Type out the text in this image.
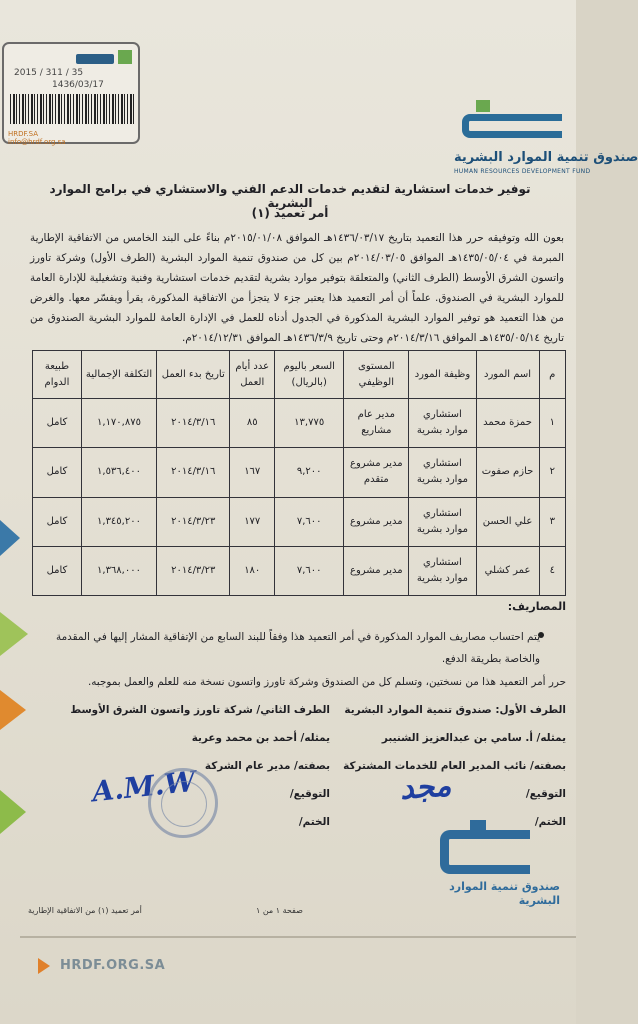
2015 / 311 / 35
1436/03/17
HRDF.SA info@hrdf.org.sa
صندوق تنمية الموارد البشرية
HUMAN RESOURCES DEVELOPMENT FUND
توفير خدمات استشارية لتقديم خدمات الدعم الفني والاستشاري في برامج الموارد البشرية
أمر تعميد (١)
بعون الله وتوفيقه حرر هذا التعميد بتاريخ ١٤٣٦/٠٣/١٧هـ الموافق ٢٠١٥/٠١/٠٨م بناءً على البند الخامس من الاتفاقية الإطارية المبرمة في ١٤٣٥/٠٥/٠٤هـ الموافق ٢٠١٤/٠٣/٠٥م بين كل من صندوق تنمية الموارد البشرية (الطرف الأول) وشركة تاورز واتسون الشرق الأوسط (الطرف الثاني) والمتعلقة بتوفير موارد بشرية لتقديم خدمات استشارية وفنية وتشغيلية للإدارة العامة للموارد البشرية في الصندوق. علماً أن أمر التعميد هذا يعتبر جزء لا يتجزأ من الاتفاقية المذكورة، يقرأ ويفسّر معها. والغرض من هذا التعميد هو توفير الموارد البشرية المذكورة في الجدول أدناه للعمل في الإدارة العامة للموارد البشرية الصندوق من تاريخ ١٤٣٥/٠٥/١٤هـ الموافق ٢٠١٤/٣/١٦م وحتى تاريخ ١٤٣٦/٣/٩هـ الموافق ٢٠١٤/١٢/٣١م.
م	اسم المورد	وظيفة المورد	المستوى الوظيفي	السعر باليوم (بالريال)	عدد أيام العمل	تاريخ بدء العمل	التكلفة الإجمالية	طبيعة الدوام
١	حمزة محمد	استشاري موارد بشرية	مدير عام مشاريع	١٣,٧٧٥	٨٥	٢٠١٤/٣/١٦	١,١٧٠,٨٧٥	كامل
٢	حازم صفوت	استشاري موارد بشرية	مدير مشروع متقدم	٩,٢٠٠	١٦٧	٢٠١٤/٣/١٦	١,٥٣٦,٤٠٠	كامل
٣	علي الحسن	استشاري موارد بشرية	مدير مشروع	٧,٦٠٠	١٧٧	٢٠١٤/٣/٢٣	١,٣٤٥,٢٠٠	كامل
٤	عمر كشلي	استشاري موارد بشرية	مدير مشروع	٧,٦٠٠	١٨٠	٢٠١٤/٣/٢٣	١,٣٦٨,٠٠٠	كامل
المصاريف:
يتم احتساب مصاريف الموارد المذكورة في أمر التعميد هذا وفقاً للبند السابع من الإتفاقية المشار إليها في المقدمة والخاصة بطريقة الدفع.
حرر أمر التعميد هذا من نسختين، وتسلم كل من الصندوق وشركة تاورز واتسون نسخة منه للعلم والعمل بموجبه.
الطرف الأول: صندوق تنمية الموارد البشرية
يمثله/ أ. سامي بن عبدالعزيز الشنيبر
بصفته/ نائب المدير العام للخدمات المشتركة
التوقيع/
الختم/
الطرف الثاني/ شركة تاورز واتسون الشرق الأوسط
يمثله/ أحمد بن محمد وعرية
بصفته/ مدير عام الشركة
التوقيع/
الختم/
مجد
A.M.W
صندوق تنمية الموارد البشرية
أمر تعميد (١) من الاتفاقية الإطارية	صفحة ١ من ١
HRDF.ORG.SA
